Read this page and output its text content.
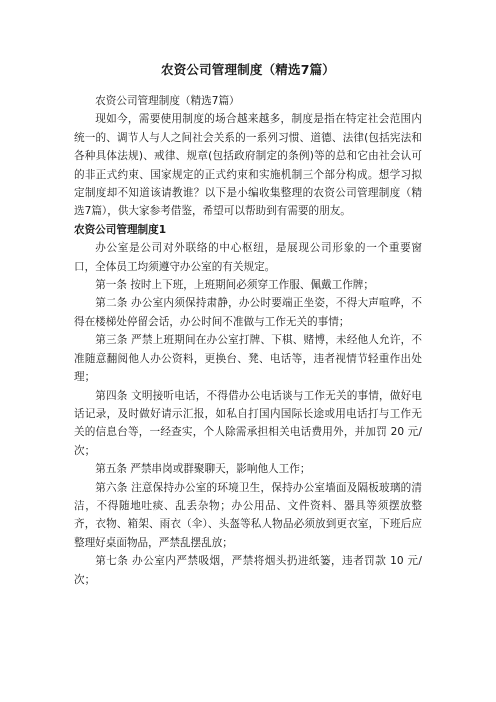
农资公司管理制度（精选7篇）

农资公司管理制度（精选7篇）

现如今，需要使用制度的场合越来越多，制度是指在特定社会范围内统一的、调节人与人之间社会关系的一系列习惯、道德、法律(包括宪法和各种具体法规)、戒律、规章(包括政府制定的条例)等的总和它由社会认可的非正式约束、国家规定的正式约束和实施机制三个部分构成。想学习拟定制度却不知道该请教谁？以下是小编收集整理的农资公司管理制度（精选7篇），供大家参考借鉴，希望可以帮助到有需要的朋友。

农资公司管理制度1

办公室是公司对外联络的中心枢纽，是展现公司形象的一个重要窗口，全体员工均须遵守办公室的有关规定。

第一条 按时上下班，上班期间必须穿工作服、佩戴工作牌；

第二条 办公室内须保持肃静，办公时要端正坐姿，不得大声喧哗，不得在楼梯处停留会话，办公时间不准做与工作无关的事情；

第三条 严禁上班期间在办公室打牌、下棋、赌博，未经他人允许，不准随意翻阅他人办公资料，更换台、凳、电话等，违者视情节轻重作出处理；

第四条 文明接听电话，不得借办公电话谈与工作无关的事情，做好电话记录，及时做好请示汇报，如私自打国内国际长途或用电话打与工作无关的信息台等，一经查实，个人除需承担相关电话费用外，并加罚 20 元/次；

第五条 严禁串岗或群聚聊天，影响他人工作；

第六条 注意保持办公室的环境卫生，保持办公室墙面及隔板玻璃的清洁，不得随地吐痰、乱丢杂物；办公用品、文件资料、器具等须摆放整齐，衣物、箱架、雨衣（伞）、头盔等私人物品必须放到更衣室，下班后应整理好桌面物品，严禁乱摆乱放；

第七条 办公室内严禁吸烟，严禁将烟头扔进纸篓，违者罚款 10 元/次；
